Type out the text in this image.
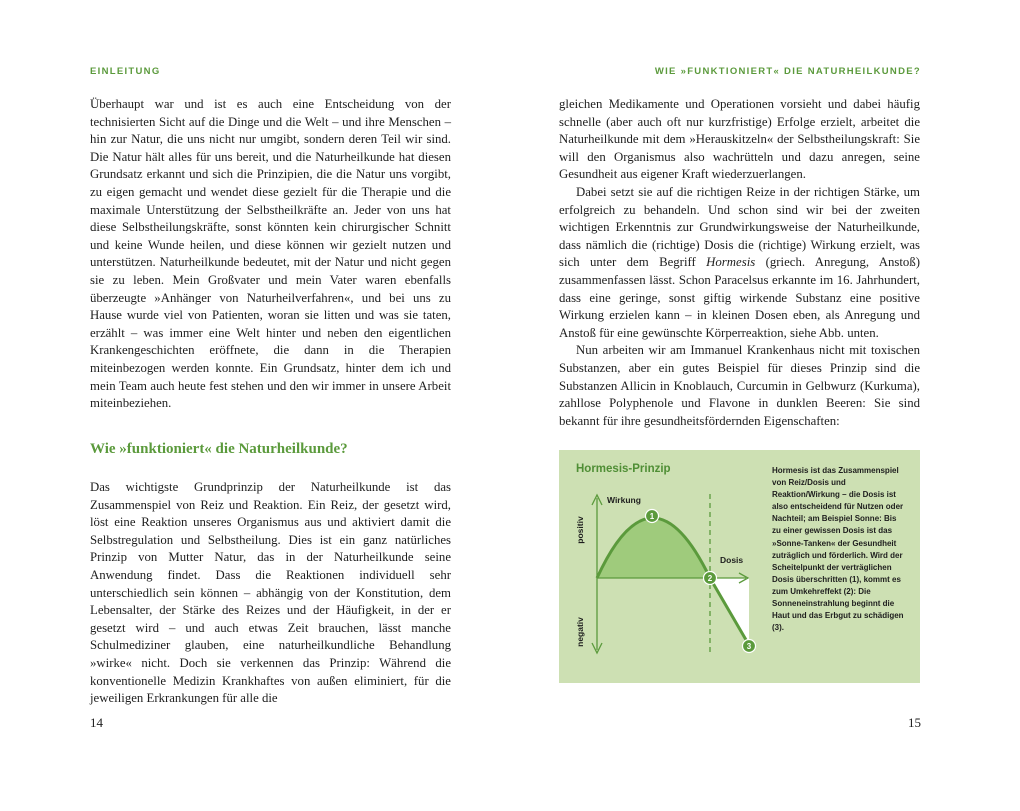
EINLEITUNG	WIE »FUNKTIONIERT« DIE NATURHEILKUNDE?

Überhaupt war und ist es auch eine Entscheidung von der technisierten Sicht auf die Dinge und die Welt – und ihre Menschen – hin zur Natur, die uns nicht nur umgibt, sondern deren Teil wir sind. Die Natur hält alles für uns bereit, und die Naturheilkunde hat diesen Grundsatz erkannt und sich die Prinzipien, die die Natur uns vorgibt, zu eigen gemacht und wendet diese gezielt für die Therapie und die maximale Unterstützung der Selbstheilkräfte an. Jeder von uns hat diese Selbstheilungskräfte, sonst könnten kein chirurgischer Schnitt und keine Wunde heilen, und diese können wir gezielt nutzen und unterstützen. Naturheilkunde bedeutet, mit der Natur und nicht gegen sie zu leben. Mein Großvater und mein Vater waren ebenfalls überzeugte »Anhänger von Naturheilverfahren«, und bei uns zu Hause wurde viel von Patienten, woran sie litten und was sie taten, erzählt – was immer eine Welt hinter und neben den eigentlichen Krankengeschichten eröffnete, die dann in die Therapien miteinbezogen werden konnte. Ein Grundsatz, hinter dem ich und mein Team auch heute fest stehen und den wir immer in unsere Arbeit miteinbeziehen.

Wie »funktioniert« die Naturheilkunde?

Das wichtigste Grundprinzip der Naturheilkunde ist das Zusammenspiel von Reiz und Reaktion. Ein Reiz, der gesetzt wird, löst eine Reaktion unseres Organismus aus und aktiviert damit die Selbstregulation und Selbstheilung. Dies ist ein ganz natürliches Prinzip von Mutter Natur, das in der Naturheilkunde seine Anwendung findet. Dass die Reaktionen individuell sehr unterschiedlich sein können – abhängig von der Konstitution, dem Lebensalter, der Stärke des Reizes und der Häufigkeit, in der er gesetzt wird – und auch etwas Zeit brauchen, lässt manche Schulmediziner glauben, eine naturheilkundliche Behandlung »wirke« nicht. Doch sie verkennen das Prinzip: Während die konventionelle Medizin Krankhaftes von außen eliminiert, für die jeweiligen Erkrankungen für alle die

gleichen Medikamente und Operationen vorsieht und dabei häufig schnelle (aber auch oft nur kurzfristige) Erfolge erzielt, arbeitet die Naturheilkunde mit dem »Herauskitzeln« der Selbstheilungskraft: Sie will den Organismus also wachrütteln und dazu anregen, seine Gesundheit aus eigener Kraft wiederzuerlangen.

Dabei setzt sie auf die richtigen Reize in der richtigen Stärke, um erfolgreich zu behandeln. Und schon sind wir bei der zweiten wichtigen Erkenntnis zur Grundwirkungsweise der Naturheilkunde, dass nämlich die (richtige) Dosis die (richtige) Wirkung erzielt, was sich unter dem Begriff Hormesis (griech. Anregung, Anstoß) zusammenfassen lässt. Schon Paracelsus erkannte im 16. Jahrhundert, dass eine geringe, sonst giftig wirkende Substanz eine positive Wirkung erzielen kann – in kleinen Dosen eben, als Anregung und Anstoß für eine gewünschte Körperreaktion, siehe Abb. unten.

Nun arbeiten wir am Immanuel Krankenhaus nicht mit toxischen Substanzen, aber ein gutes Beispiel für dieses Prinzip sind die Substanzen Allicin in Knoblauch, Curcumin in Gelbwurz (Kurkuma), zahllose Polyphenole und Flavone in dunklen Beeren: Sie sind bekannt für ihre gesundheitsfördernden Eigenschaften:

positiv
negativ
Wirkung
Dosis
1
2
3
Hormesis-Prinzip	Hormesis ist das Zusammenspiel von Reiz/Dosis und Reaktion/Wirkung – die Dosis ist also entscheidend für Nutzen oder Nachteil; am Beispiel Sonne: Bis zu einer gewissen Dosis ist das »Sonne-Tanken« der Gesundheit zuträglich und förderlich. Wird der Scheitelpunkt der verträglichen Dosis überschritten (1), kommt es zum Umkehreffekt (2): Die Sonneneinstrahlung beginnt die Haut und das Erbgut zu schädigen (3).
14	15
